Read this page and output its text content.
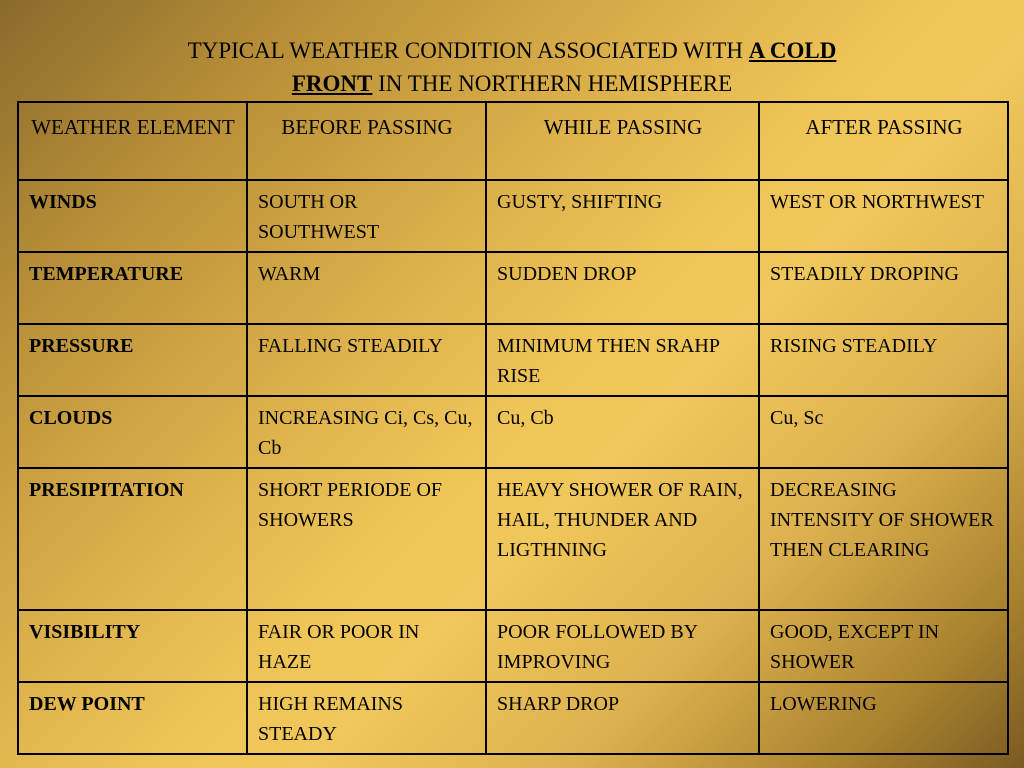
TYPICAL WEATHER CONDITION ASSOCIATED WITH A COLD
FRONT IN THE NORTHERN HEMISPHERE
WEATHER ELEMENT	BEFORE PASSING	WHILE PASSING	AFTER PASSING
WINDS	SOUTH OR SOUTHWEST	GUSTY, SHIFTING	WEST OR NORTHWEST
TEMPERATURE	WARM	SUDDEN DROP	STEADILY DROPING
PRESSURE	FALLING STEADILY	MINIMUM THEN SRAHP RISE	RISING STEADILY
CLOUDS	INCREASING Ci, Cs, Cu, Cb	Cu, Cb	Cu, Sc
PRESIPITATION	SHORT PERIODE OF SHOWERS	HEAVY SHOWER OF RAIN, HAIL, THUNDER AND LIGTHNING	DECREASING INTENSITY OF SHOWER THEN CLEARING
VISIBILITY	FAIR OR POOR IN HAZE	POOR FOLLOWED BY IMPROVING	GOOD, EXCEPT IN SHOWER
DEW POINT	HIGH REMAINS STEADY	SHARP DROP	LOWERING
